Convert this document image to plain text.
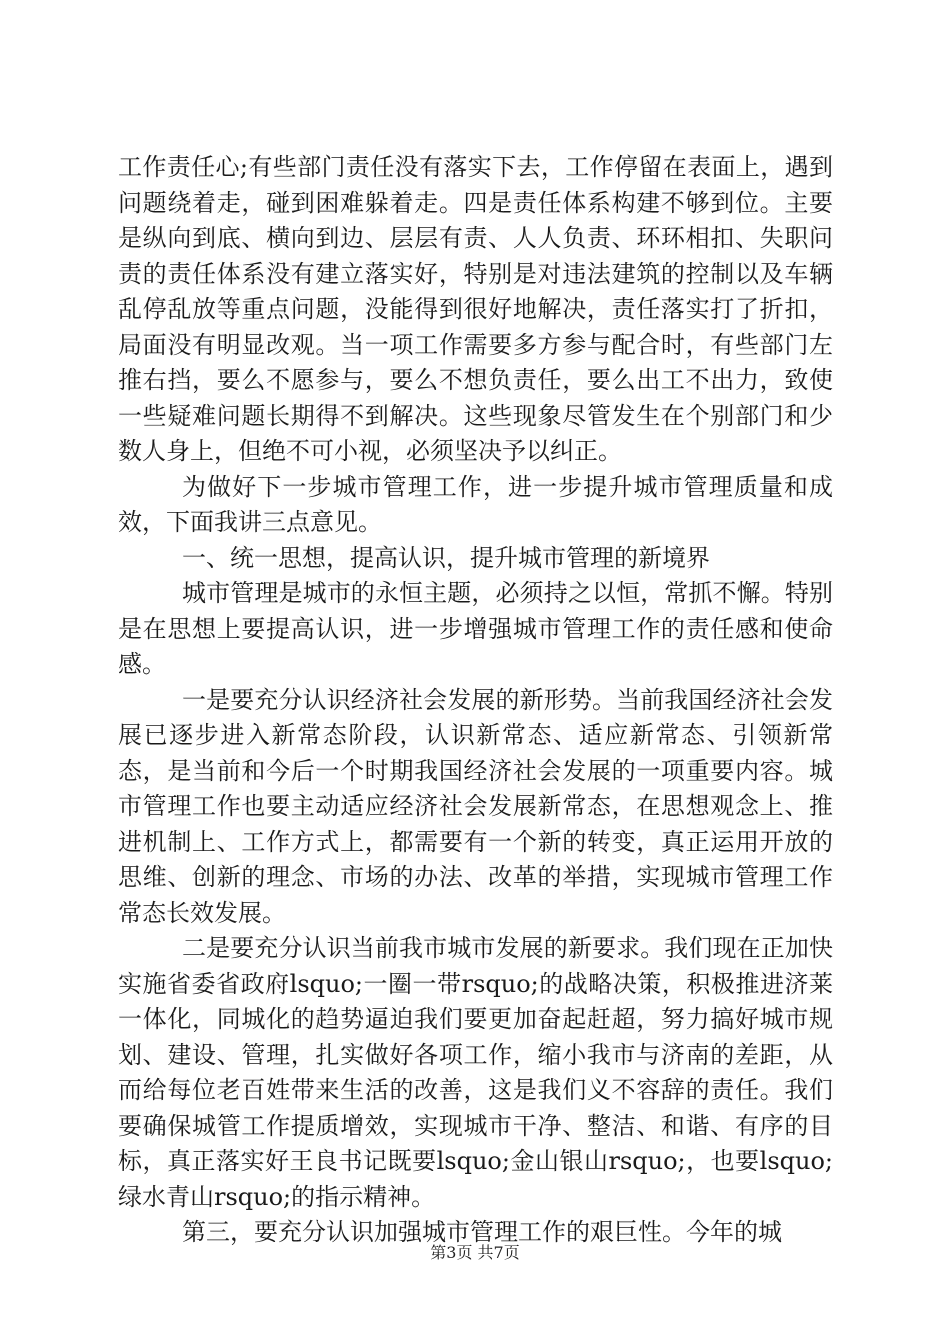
工作责任心;有些部门责任没有落实下去，工作停留在表面上，遇到问题绕着走，碰到困难躲着走。四是责任体系构建不够到位。主要是纵向到底、横向到边、层层有责、人人负责、环环相扣、失职问责的责任体系没有建立落实好，特别是对违法建筑的控制以及车辆乱停乱放等重点问题，没能得到很好地解决，责任落实打了折扣，局面没有明显改观。当一项工作需要多方参与配合时，有些部门左推右挡，要么不愿参与，要么不想负责任，要么出工不出力，致使一些疑难问题长期得不到解决。这些现象尽管发生在个别部门和少数人身上，但绝不可小视，必须坚决予以纠正。

为做好下一步城市管理工作，进一步提升城市管理质量和成效，下面我讲三点意见。

一、统一思想，提高认识，提升城市管理的新境界

城市管理是城市的永恒主题，必须持之以恒，常抓不懈。特别是在思想上要提高认识，进一步增强城市管理工作的责任感和使命感。

一是要充分认识经济社会发展的新形势。当前我国经济社会发展已逐步进入新常态阶段，认识新常态、适应新常态、引领新常态，是当前和今后一个时期我国经济社会发展的一项重要内容。城市管理工作也要主动适应经济社会发展新常态，在思想观念上、推进机制上、工作方式上，都需要有一个新的转变，真正运用开放的思维、创新的理念、市场的办法、改革的举措，实现城市管理工作常态长效发展。

二是要充分认识当前我市城市发展的新要求。我们现在正加快实施省委省政府lsquo;一圈一带rsquo;的战略决策，积极推进济莱一体化，同城化的趋势逼迫我们要更加奋起赶超，努力搞好城市规划、建设、管理，扎实做好各项工作，缩小我市与济南的差距，从而给每位老百姓带来生活的改善，这是我们义不容辞的责任。我们要确保城管工作提质增效，实现城市干净、整洁、和谐、有序的目标，真正落实好王良书记既要lsquo;金山银山rsquo;，也要lsquo;绿水青山rsquo;的指示精神。

第三，要充分认识加强城市管理工作的艰巨性。今年的城

第3页 共7页
